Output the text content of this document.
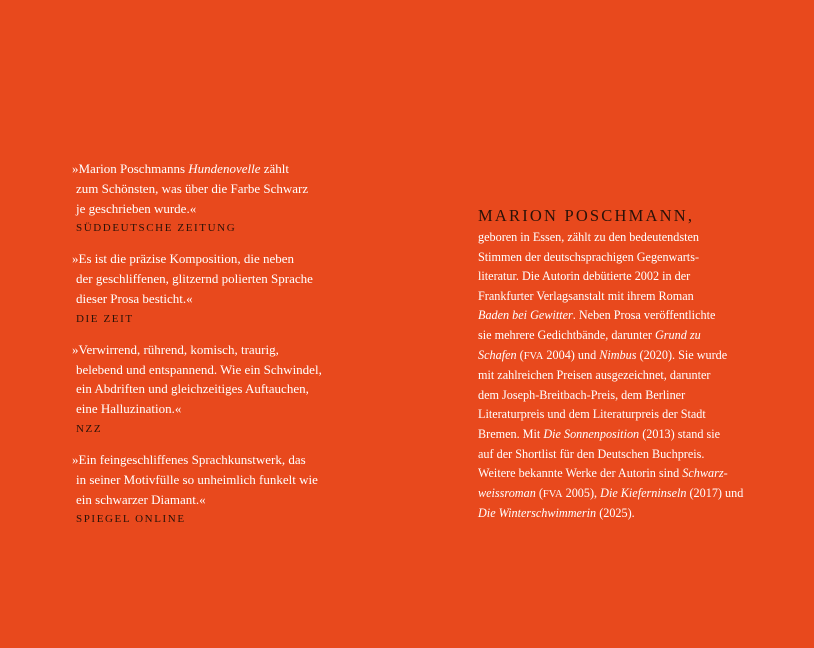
»Marion Poschmanns Hundenovelle zählt
zum Schönsten, was über die Farbe Schwarz
je geschrieben wurde.«

SÜDDEUTSCHE ZEITUNG

»Es ist die präzise Komposition, die neben
der geschliffenen, glitzernd polierten Sprache
dieser Prosa besticht.«

DIE ZEIT

»Verwirrend, rührend, komisch, traurig,
belebend und entspannend. Wie ein Schwindel,
ein Abdriften und gleichzeitiges Auftauchen,
eine Halluzination.«

NZZ

»Ein feingeschliffenes Sprachkunstwerk, das
in seiner Motivfülle so unheimlich funkelt wie
ein schwarzer Diamant.«

SPIEGEL ONLINE

MARION POSCHMANN,

geboren in Essen, zählt zu den bedeutendsten
Stimmen der deutschsprachigen Gegenwarts-
literatur. Die Autorin debütierte 2002 in der
Frankfurter Verlagsanstalt mit ihrem Roman
Baden bei Gewitter. Neben Prosa veröffentlichte
sie mehrere Gedichtbände, darunter Grund zu
Schafen (FVA 2004) und Nimbus (2020). Sie wurde
mit zahlreichen Preisen ausgezeichnet, darunter
dem Joseph-Breitbach-Preis, dem Berliner
Literaturpreis und dem Literaturpreis der Stadt
Bremen. Mit Die Sonnenposition (2013) stand sie
auf der Shortlist für den Deutschen Buchpreis.
Weitere bekannte Werke der Autorin sind Schwarz-
weissroman (FVA 2005), Die Kieferninseln (2017) und
Die Winterschwimmerin (2025).
